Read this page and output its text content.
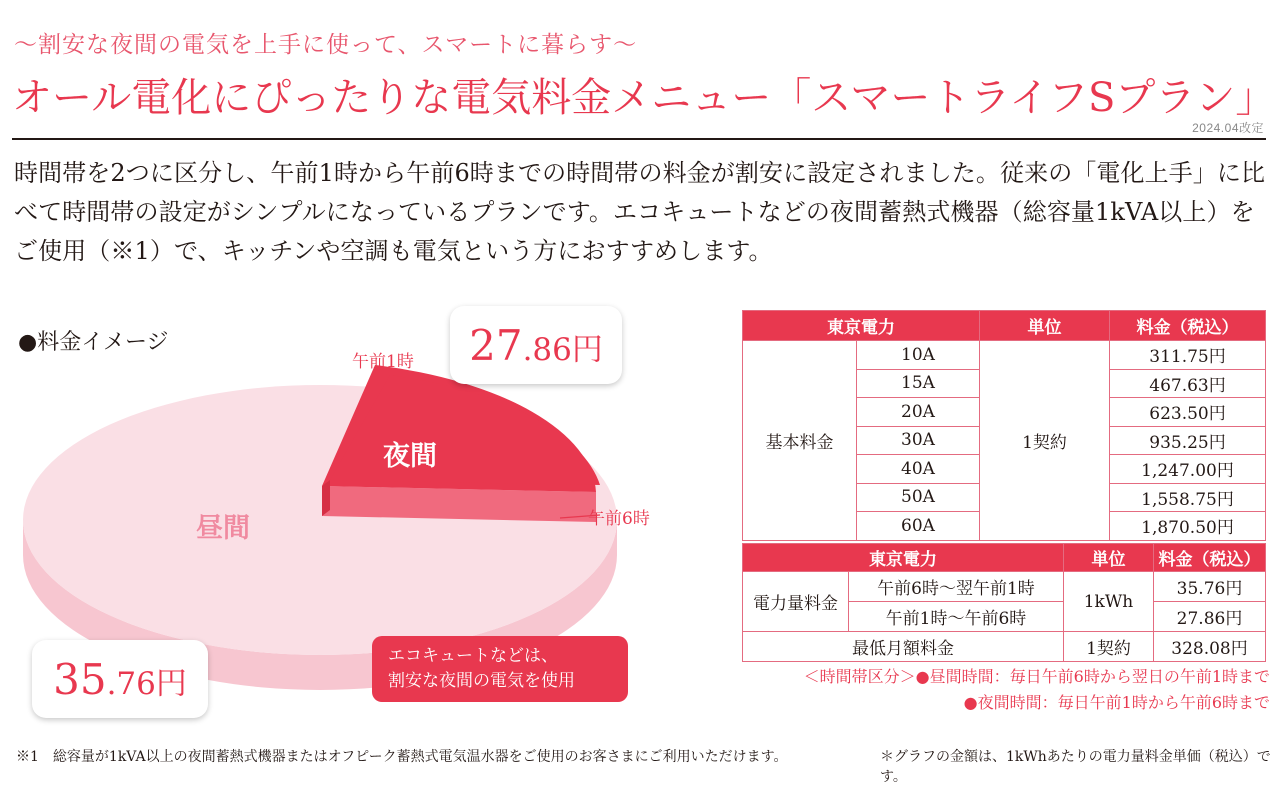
〜割安な夜間の電気を上手に使って、スマートに暮らす〜
オール電化にぴったりな電気料金メニュー「スマートライフSプラン」
2024.04改定
時間帯を2つに区分し、午前1時から午前6時までの時間帯の料金が割安に設定されました。従来の「電化上手」に比べて時間帯の設定がシンプルになっているプランです。エコキュートなどの夜間蓄熱式機器（総容量1kVA以上）をご使用（※1）で、キッチンや空調も電気という方におすすめします。
●料金イメージ
午前1時
午前6時
昼間
夜間
27.86円
35.76円
エコキュートなどは、
割安な夜間の電気を使用
東京電力		単位	料金（税込）
基本料金	10A	1契約	311.75円
	15A		467.63円
	20A		623.50円
	30A		935.25円
	40A		1,247.00円
	50A		1,558.75円
	60A		1,870.50円
東京電力		単位	料金（税込）
電力量料金	午前6時〜翌午前1時	1kWh	35.76円
	午前1時〜午前6時		27.86円
最低月額料金		1契約	328.08円
＜時間帯区分＞●昼間時間：毎日午前6時から翌日の午前1時まで
●夜間時間：毎日午前1時から午前6時まで
※1　総容量が1kVA以上の夜間蓄熱式機器またはオフピーク蓄熱式電気温水器をご使用のお客さまにご利用いただけます。	＊グラフの金額は、1kWhあたりの電力量料金単価（税込）です。
